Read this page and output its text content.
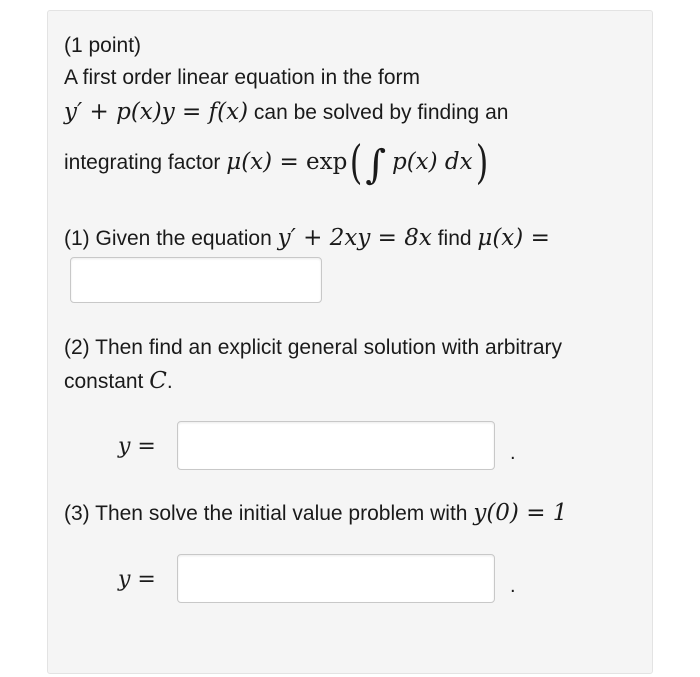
(1 point)
A first order linear equation in the form
y′ + p(x)y = f(x) can be solved by finding an
integrating factor μ(x) = exp(∫ p(x) dx)
(1) Given the equation y′ + 2xy = 8x find μ(x) =
(2) Then find an explicit general solution with arbitrary
constant C.
y =	.
(3) Then solve the initial value problem with y(0) = 1
y =	.
